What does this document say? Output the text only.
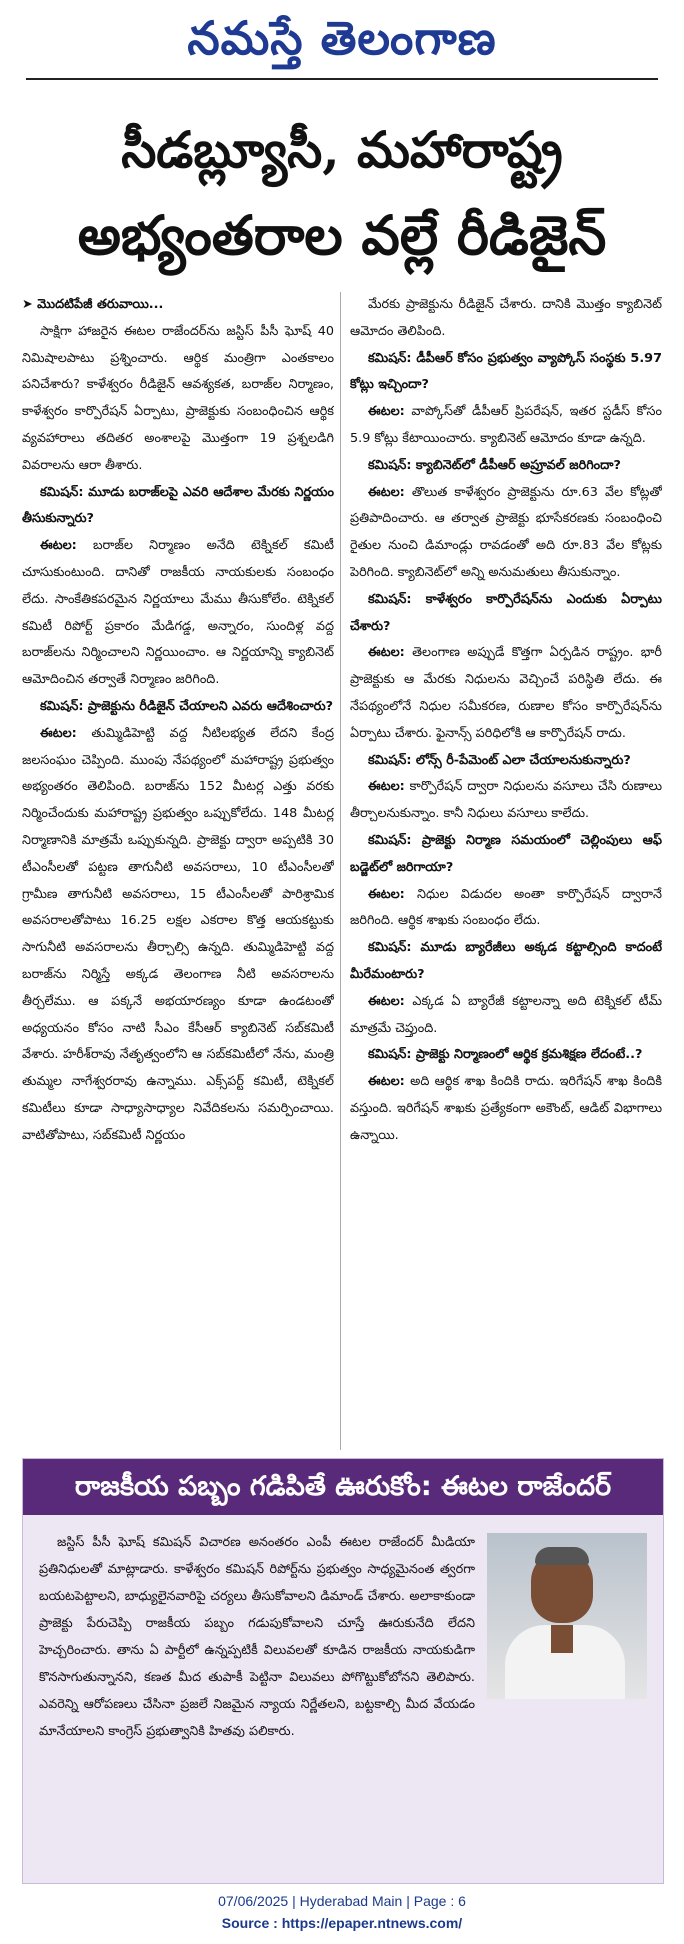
నమస్తే తెలంగాణ
సీడబ్ల్యూసీ, మహారాష్ట్ర
అభ్యంతరాల వల్లే రీడిజైన్

➤ మొదటిపేజీ తరువాయి...

సాక్షిగా హాజరైన ఈటల రాజేందర్‌ను జస్టిస్‌ పీసీ ఘోష్‌ 40 నిమిషాలపాటు ప్రశ్నించారు. ఆర్థిక మంత్రిగా ఎంతకాలం పనిచేశారు? కాళేశ్వరం రీడిజైన్‌ ఆవశ్యకత, బరాజ్‌ల నిర్మాణం, కాళేశ్వరం కార్పొరేషన్‌ ఏర్పాటు, ప్రాజెక్టుకు సంబంధించిన ఆర్థిక వ్యవహారాలు తదితర అంశాలపై మొత్తంగా 19 ప్రశ్నలడిగి వివరాలను ఆరా తీశారు.

కమిషన్‌: మూడు బరాజ్‌లపై ఎవరి ఆదేశాల మేరకు నిర్ణయం తీసుకున్నారు?

ఈటల: బరాజ్‌ల నిర్మాణం అనేది టెక్నికల్‌ కమిటీ చూసుకుంటుంది. దానితో రాజకీయ నాయకులకు సంబంధం లేదు. సాంకేతికపరమైన నిర్ణయాలు మేము తీసుకోలేం. టెక్నికల్‌ కమిటీ రిపోర్ట్‌ ప్రకారం మేడిగడ్డ, అన్నారం, సుందిళ్ల వద్ద బరాజ్‌లను నిర్మించాలని నిర్ణయించాం. ఆ నిర్ణయాన్ని క్యాబినెట్‌ ఆమోదించిన తర్వాతే నిర్మాణం జరిగింది.

కమిషన్‌: ప్రాజెక్టును రీడిజైన్‌ చేయాలని ఎవరు ఆదేశించారు?

ఈటల: తుమ్మిడిహెట్టి వద్ద నీటిలభ్యత లేదని కేంద్ర జలసంఘం చెప్పింది. ముంపు నేపథ్యంలో మహారాష్ట్ర ప్రభుత్వం అభ్యంతరం తెలిపింది. బరాజ్‌ను 152 మీటర్ల ఎత్తు వరకు నిర్మించేందుకు మహారాష్ట్ర ప్రభుత్వం ఒప్పుకోలేదు. 148 మీటర్ల నిర్మాణానికి మాత్రమే ఒప్పుకున్నది. ప్రాజెక్టు ద్వారా అప్పటికి 30 టీఎంసీలతో పట్టణ తాగునీటి అవసరాలు, 10 టీఎంసీలతో గ్రామీణ తాగునీటి అవసరాలు, 15 టీఎంసీలతో పారిశ్రామిక అవసరాలతోపాటు 16.25 లక్షల ఎకరాల కొత్త ఆయకట్టుకు సాగునీటి అవసరాలను తీర్చాల్సి ఉన్నది. తుమ్మిడిహెట్టి వద్ద బరాజ్‌ను నిర్మిస్తే అక్కడ తెలంగాణ నీటి అవసరాలను తీర్చలేము. ఆ పక్కనే అభయారణ్యం కూడా ఉండటంతో అధ్యయనం కోసం నాటి సీఎం కేసీఆర్‌ క్యాబినెట్‌ సబ్‌కమిటీ వేశారు. హరీశ్‌రావు నేతృత్వంలోని ఆ సబ్‌కమిటీలో నేను, మంత్రి తుమ్మల నాగేశ్వరరావు ఉన్నాము. ఎక్స్‌పర్ట్‌ కమిటీ, టెక్నికల్‌ కమిటీలు కూడా సాధ్యాసాధ్యాల నివేదికలను సమర్పించాయి. వాటితోపాటు, సబ్‌కమిటీ నిర్ణయం

మేరకు ప్రాజెక్టును రీడిజైన్‌ చేశారు. దానికి మొత్తం క్యాబినెట్‌ ఆమోదం తెలిపింది.

కమిషన్‌: డీపీఆర్‌ కోసం ప్రభుత్వం వ్యాప్కోస్‌ సంస్థకు 5.97 కోట్లు ఇచ్చిందా?

ఈటల: వాప్కోస్‌తో డీపీఆర్‌ ప్రిపరేషన్‌, ఇతర స్టడీస్‌ కోసం 5.9 కోట్లు కేటాయించారు. క్యాబినెట్‌ ఆమోదం కూడా ఉన్నది.

కమిషన్‌: క్యాబినెట్‌లో డీపీఆర్‌ అప్రూవల్‌ జరిగిందా?

ఈటల: తొలుత కాళేశ్వరం ప్రాజెక్టును రూ.63 వేల కోట్లతో ప్రతిపాదించారు. ఆ తర్వాత ప్రాజెక్టు భూసేకరణకు సంబంధించి రైతుల నుంచి డిమాండ్లు రావడంతో అది రూ.83 వేల కోట్లకు పెరిగింది. క్యాబినెట్‌లో అన్ని అనుమతులు తీసుకున్నాం.

కమిషన్‌: కాళేశ్వరం కార్పొరేషన్‌ను ఎందుకు ఏర్పాటు చేశారు?

ఈటల: తెలంగాణ అప్పుడే కొత్తగా ఏర్పడిన రాష్ట్రం. భారీ ప్రాజెక్టుకు ఆ మేరకు నిధులను వెచ్చించే పరిస్థితి లేదు. ఈ నేపథ్యంలోనే నిధుల సమీకరణ, రుణాల కోసం కార్పొరేషన్‌ను ఏర్పాటు చేశారు. ఫైనాన్స్‌ పరిధిలోకి ఆ కార్పొరేషన్‌ రాదు.

కమిషన్‌: లోన్స్‌ రీ-పేమెంట్‌ ఎలా చేయాలనుకున్నారు?

ఈటల: కార్పొరేషన్‌ ద్వారా నిధులను వసూలు చేసి రుణాలు తీర్చాలనుకున్నాం. కానీ నిధులు వసూలు కాలేదు.

కమిషన్‌: ప్రాజెక్టు నిర్మాణ సమయంలో చెల్లింపులు ఆఫ్‌ బడ్జెట్‌లో జరిగాయా?

ఈటల: నిధుల విడుదల అంతా కార్పొరేషన్‌ ద్వారానే జరిగింది. ఆర్థిక శాఖకు సంబంధం లేదు.

కమిషన్‌: మూడు బ్యారేజీలు అక్కడ కట్టాల్సింది కాదంటే మీరేమంటారు?

ఈటల: ఎక్కడ ఏ బ్యారేజీ కట్టాలన్నా అది టెక్నికల్‌ టీమ్‌ మాత్రమే చెప్తుంది.

కమిషన్‌: ప్రాజెక్టు నిర్మాణంలో ఆర్థిక క్రమశిక్షణ లేదంటే..?

ఈటల: అది ఆర్థిక శాఖ కిందికి రాదు. ఇరిగేషన్‌ శాఖ కిందికి వస్తుంది. ఇరిగేషన్‌ శాఖకు ప్రత్యేకంగా అకౌంట్‌, ఆడిట్‌ విభాగాలు ఉన్నాయి.

రాజకీయ పబ్బం గడిపితే ఊరుకోం: ఈటల రాజేందర్‌

జస్టిస్‌ పీసీ ఘోష్‌ కమిషన్‌ విచారణ అనంతరం ఎంపీ ఈటల రాజేందర్‌ మీడియా ప్రతినిధులతో మాట్లాడారు. కాళేశ్వరం కమిషన్‌ రిపోర్ట్‌ను ప్రభుత్వం సాధ్యమైనంత త్వరగా బయటపెట్టాలని, బాధ్యులైనవారిపై చర్యలు తీసుకోవాలని డిమాండ్‌ చేశారు. అలాకాకుండా ప్రాజెక్టు పేరుచెప్పి రాజకీయ పబ్బం గడుపుకోవాలని చూస్తే ఊరుకునేది లేదని హెచ్చరించారు. తాను ఏ పార్టీలో ఉన్నప్పటికీ విలువలతో కూడిన రాజకీయ నాయకుడిగా కొనసాగుతున్నానని, కణత మీద తుపాకీ పెట్టినా విలువలు పోగొట్టుకోబోనని తెలిపారు. ఎవరెన్ని ఆరోపణలు చేసినా ప్రజలే నిజమైన న్యాయ నిర్ణేతలని, బట్టకాల్చి మీద వేయడం మానేయాలని కాంగ్రెస్‌ ప్రభుత్వానికి హితవు పలికారు.

07/06/2025 | Hyderabad Main | Page : 6
Source : https://epaper.ntnews.com/
